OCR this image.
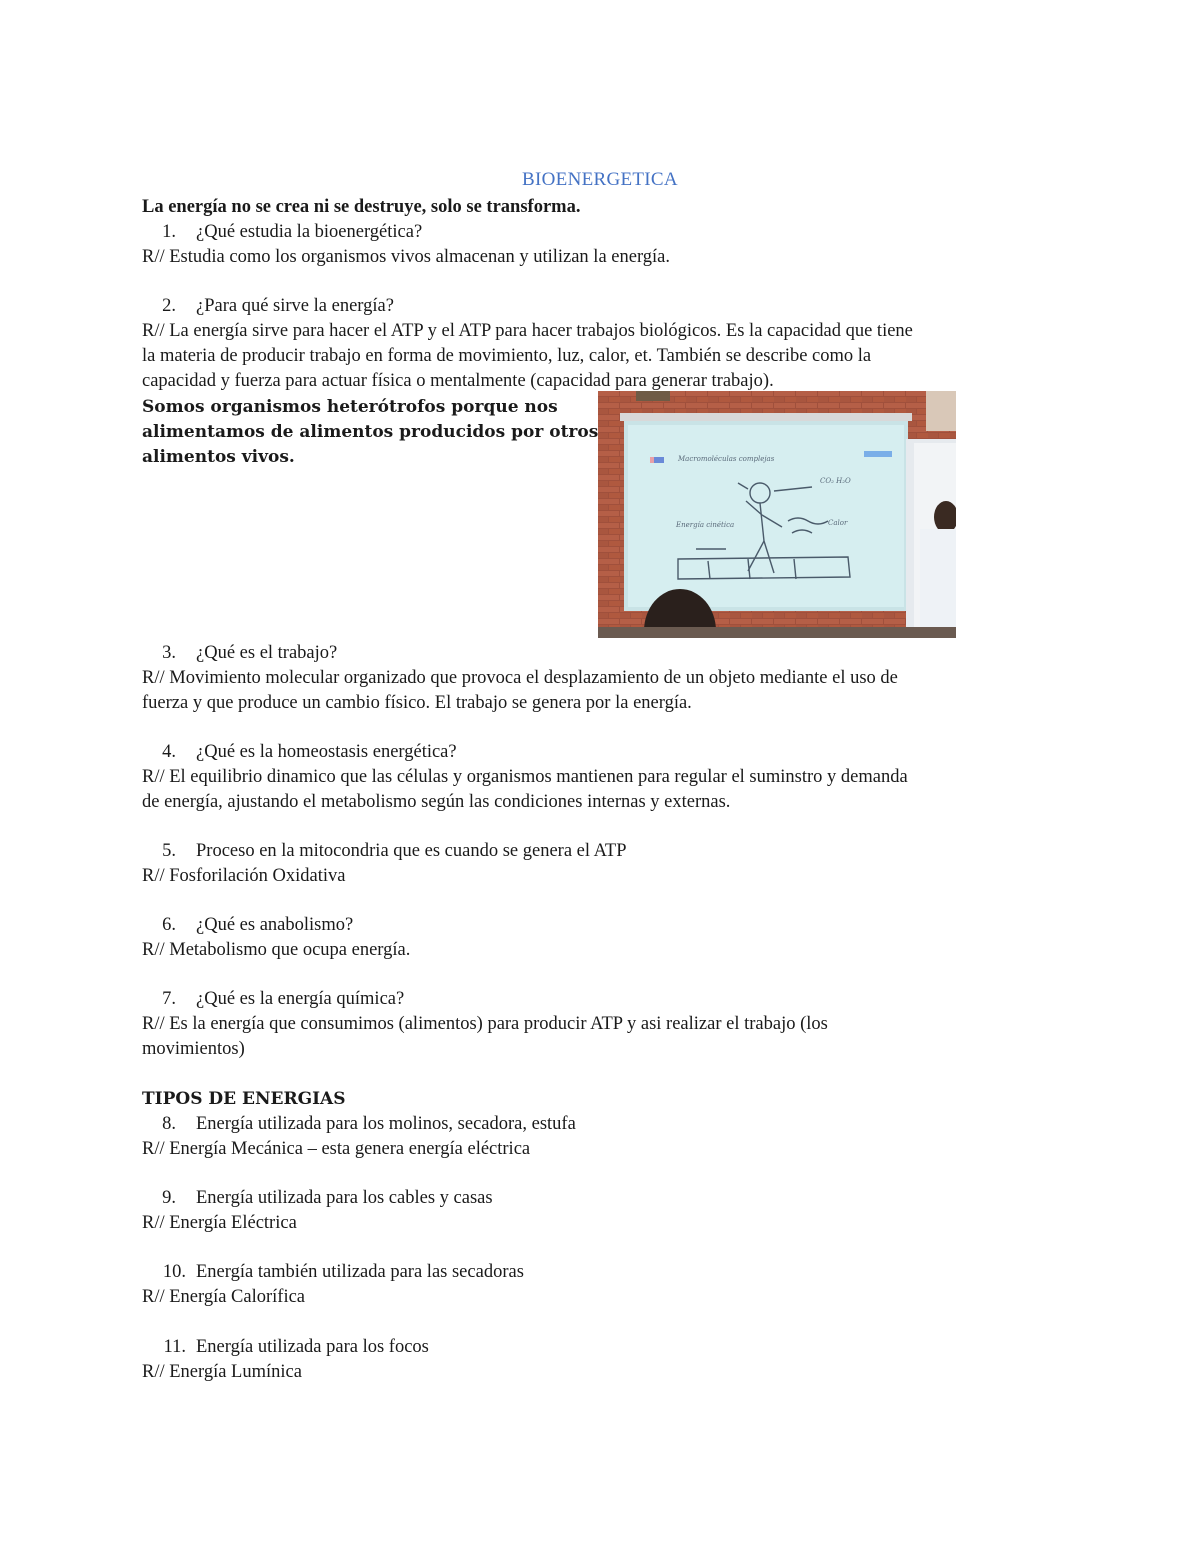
BIOENERGETICA
La energía no se crea ni se destruye, solo se transforma.
1. ¿Qué estudia la bioenergética?
R// Estudia como los organismos vivos almacenan y utilizan la energía.
2. ¿Para qué sirve la energía?
R// La energía sirve para hacer el ATP y el ATP para hacer trabajos biológicos. Es la capacidad que tiene
la materia de producir trabajo en forma de movimiento, luz, calor, et. También se describe como la
capacidad y fuerza para actuar física o mentalmente (capacidad para generar trabajo).
Somos organismos heterótrofos porque nos
alimentamos de alimentos producidos por otros
alimentos vivos.	Macromoléculas complejas
CO₂ H₂O
Calor
Energía cinética
3. ¿Qué es el trabajo?
R// Movimiento molecular organizado que provoca el desplazamiento de un objeto mediante el uso de
fuerza y que produce un cambio físico. El trabajo se genera por la energía.
4. ¿Qué es la homeostasis energética?
R// El equilibrio dinamico que las células y organismos mantienen para regular el suminstro y demanda
de energía, ajustando el metabolismo según las condiciones internas y externas.
5. Proceso en la mitocondria que es cuando se genera el ATP
R// Fosforilación Oxidativa
6. ¿Qué es anabolismo?
R// Metabolismo que ocupa energía.
7. ¿Qué es la energía química?
R// Es la energía que consumimos (alimentos) para producir ATP y asi realizar el trabajo (los
movimientos)
TIPOS DE ENERGIAS
8. Energía utilizada para los molinos, secadora, estufa
R// Energía Mecánica – esta genera energía eléctrica
9. Energía utilizada para los cables y casas
R// Energía Eléctrica
10. Energía también utilizada para las secadoras
R// Energía Calorífica
11. Energía utilizada para los focos
R// Energía Lumínica
